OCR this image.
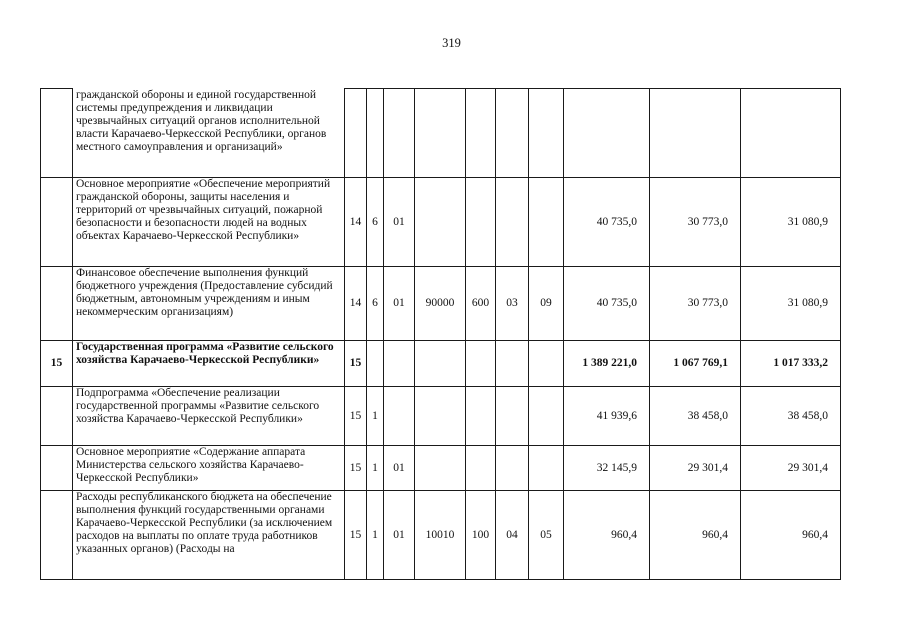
319
	гражданской обороны и единой государственной системы предупреждения и ликвидации чрезвычайных ситуаций органов исполнительной власти Карачаево-Черкесской Республики, органов местного самоуправления и организаций»										
	Основное мероприятие «Обеспечение мероприятий гражданской обороны, защиты населения и территорий от чрезвычайных ситуаций, пожарной безопасности и безопасности людей на водных объектах Карачаево-Черкесской Республики»	14	6	01					40 735,0	30 773,0	31 080,9
	Финансовое обеспечение выполнения функций бюджетного учреждения (Предоставление субсидий бюджетным, автономным учреждениям и иным некоммерческим организациям)	14	6	01	90000	600	03	09	40 735,0	30 773,0	31 080,9
15	Государственная программа «Развитие сельского хозяйства Карачаево-Черкесской Республики»	15							1 389 221,0	1 067 769,1	1 017 333,2
	Подпрограмма «Обеспечение реализации государственной программы «Развитие сельского хозяйства Карачаево-Черкесской Республики»	15	1						41 939,6	38 458,0	38 458,0
	Основное мероприятие «Содержание аппарата Министерства сельского хозяйства Карачаево-Черкесской Республики»	15	1	01					32 145,9	29 301,4	29 301,4
	Расходы республиканского бюджета на обеспечение выполнения функций государственными органами Карачаево-Черкесской Республики (за исключением расходов на выплаты по оплате труда работников указанных органов) (Расходы на	15	1	01	10010	100	04	05	960,4	960,4	960,4
